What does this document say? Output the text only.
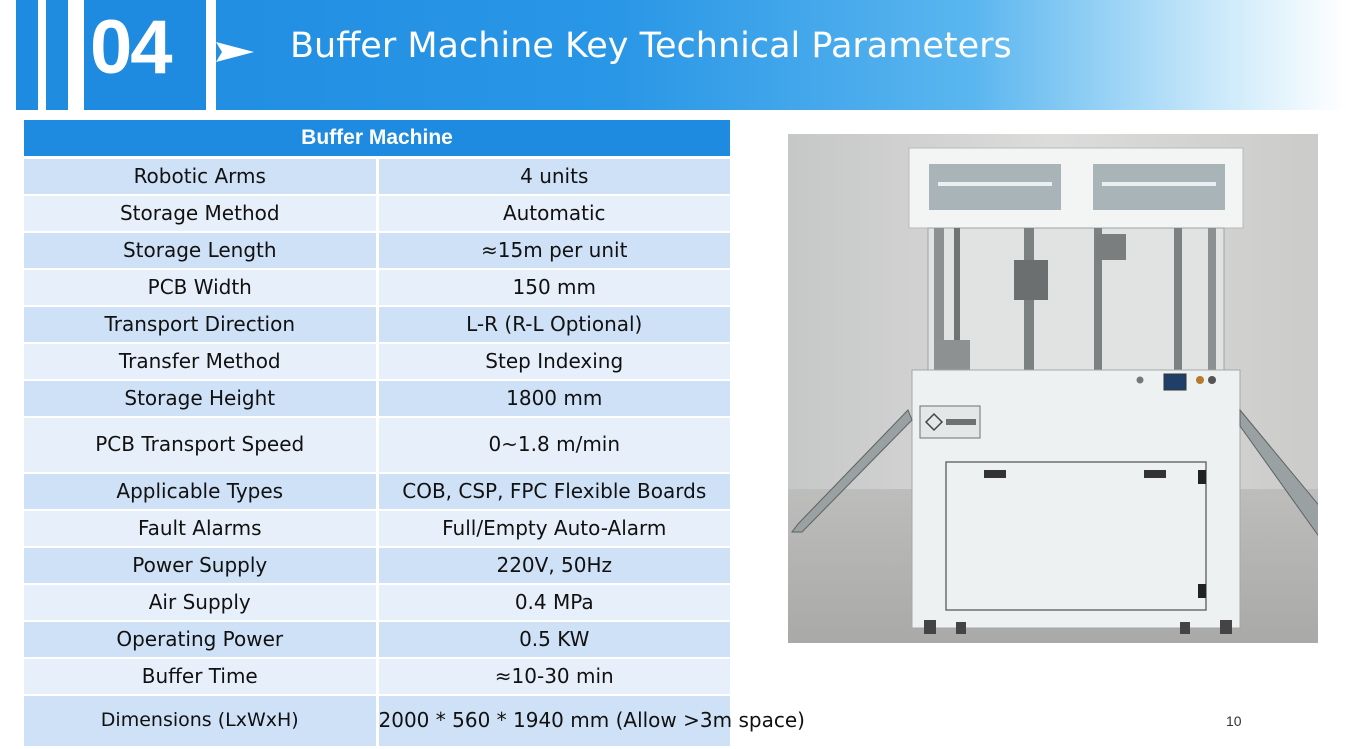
04	Buffer Machine Key Technical Parameters
Buffer Machine	
Robotic Arms	4 units
Storage Method	Automatic
Storage Length	≈15m per unit
PCB Width	150 mm
Transport Direction	L-R (R-L Optional)
Transfer Method	Step Indexing
Storage Height	1800 mm
PCB Transport Speed	0~1.8 m/min
Applicable Types	COB, CSP, FPC Flexible Boards
Fault Alarms	Full/Empty Auto-Alarm
Power Supply	220V, 50Hz
Air Supply	0.4 MPa
Operating Power	0.5 KW
Buffer Time	≈10-30 min
Dimensions (LxWxH)	2000 * 560 * 1940 mm (Allow >3m space)	10
